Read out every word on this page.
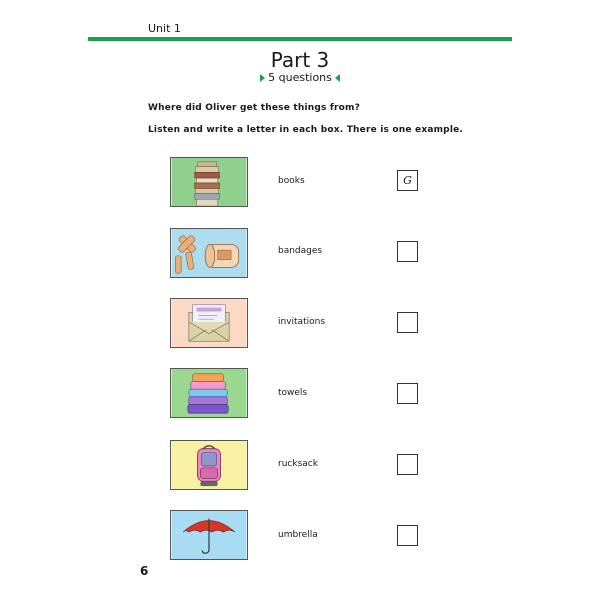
Unit 1
Part 3
5 questions
Where did Oliver get these things from?
Listen and write a letter in each box. There is one example.
books	G
bandages
invitations
towels
rucksack
umbrella
6
